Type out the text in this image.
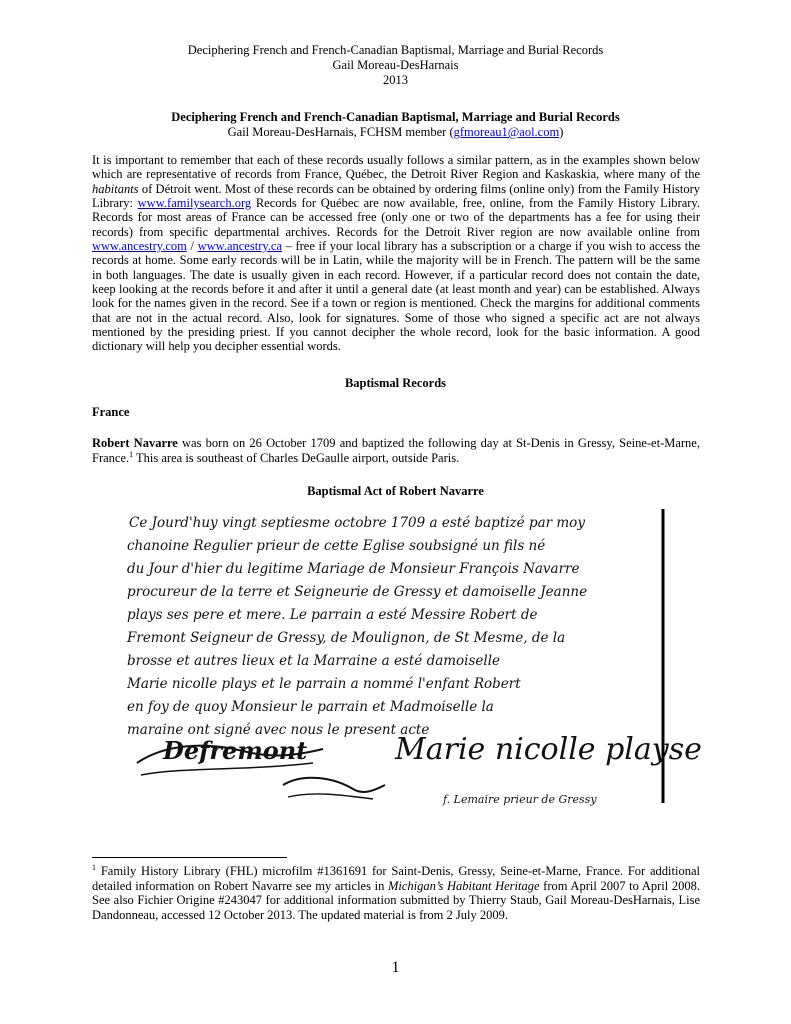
Deciphering French and French-Canadian Baptismal, Marriage and Burial Records
Gail Moreau-DesHarnais
2013
Deciphering French and French-Canadian Baptismal, Marriage and Burial Records
Gail Moreau-DesHarnais, FCHSM member (gfmoreau1@aol.com)
It is important to remember that each of these records usually follows a similar pattern, as in the examples shown below which are representative of records from France, Québec, the Detroit River Region and Kaskaskia, where many of the habitants of Détroit went. Most of these records can be obtained by ordering films (online only) from the Family History Library: www.familysearch.org Records for Québec are now available, free, online, from the Family History Library. Records for most areas of France can be accessed free (only one or two of the departments has a fee for using their records) from specific departmental archives. Records for the Detroit River region are now available online from www.ancestry.com / www.ancestry.ca – free if your local library has a subscription or a charge if you wish to access the records at home. Some early records will be in Latin, while the majority will be in French. The pattern will be the same in both languages. The date is usually given in each record. However, if a particular record does not contain the date, keep looking at the records before it and after it until a general date (at least month and year) can be established. Always look for the names given in the record. See if a town or region is mentioned. Check the margins for additional comments that are not in the actual record. Also, look for signatures. Some of those who signed a specific act are not always mentioned by the presiding priest. If you cannot decipher the whole record, look for the basic information. A good dictionary will help you decipher essential words.
Baptismal Records
France
Robert Navarre was born on 26 October 1709 and baptized the following day at St-Denis in Gressy, Seine-et-Marne, France.$^1$ This area is southeast of Charles DeGaulle airport, outside Paris.
Baptismal Act of Robert Navarre
Ce Jourd'huy vingt septiesme octobre 1709 a esté baptizé par moy
chanoine Regulier prieur de cette Eglise soubsigné un fils né
du Jour d'hier du legitime Mariage de Monsieur François Navarre
procureur de la terre et Seigneurie de Gressy et damoiselle Jeanne
plays ses pere et mere. Le parrain a esté Messire Robert de
Fremont Seigneur de Gressy, de Moulignon, de St Mesme, de la
brosse et autres lieux et la Marraine a esté damoiselle
Marie nicolle plays et le parrain a nommé l'enfant Robert
en foy de quoy Monsieur le parrain et Madmoiselle la
maraine ont signé avec nous le present acte
Defremont	Marie nicolle playse
f. Lemaire prieur de Gressy
$^1$ Family History Library (FHL) microfilm #1361691 for Saint-Denis, Gressy, Seine-et-Marne, France. For additional detailed information on Robert Navarre see my articles in Michigan’s Habitant Heritage from April 2007 to April 2008. See also Fichier Origine #243047 for additional information submitted by Thierry Staub, Gail Moreau-DesHarnais, Lise Dandonneau, accessed 12 October 2013. The updated material is from 2 July 2009.
1
